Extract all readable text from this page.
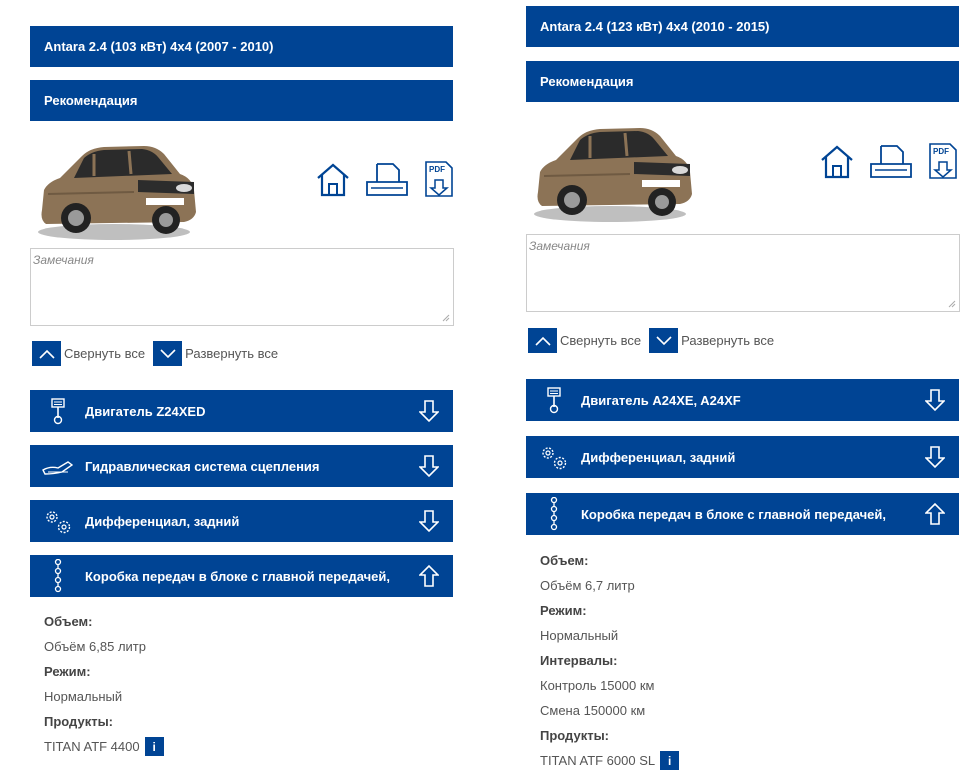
Antara 2.4 (103 кВт) 4x4 (2007 - 2010)
Рекомендация
PDF
Замечания
Свернуть все	Развернуть все
Двигатель Z24XED
Гидравлическая система сцепления
Дифференциал, задний
Коробка передач в блоке с главной передачей,
Объем:
Объём 6,85 литр
Режим:
Нормальный
Продукты:
TITAN ATF 4400	i
Antara 2.4 (123 кВт) 4x4 (2010 - 2015)
Рекомендация
PDF
Замечания
Свернуть все	Развернуть все
Двигатель A24XE, A24XF
Дифференциал, задний
Коробка передач в блоке с главной передачей,
Объем:
Объём 6,7 литр
Режим:
Нормальный
Интервалы:
Контроль 15000 км
Смена 150000 км
Продукты:
TITAN ATF 6000 SL	i
